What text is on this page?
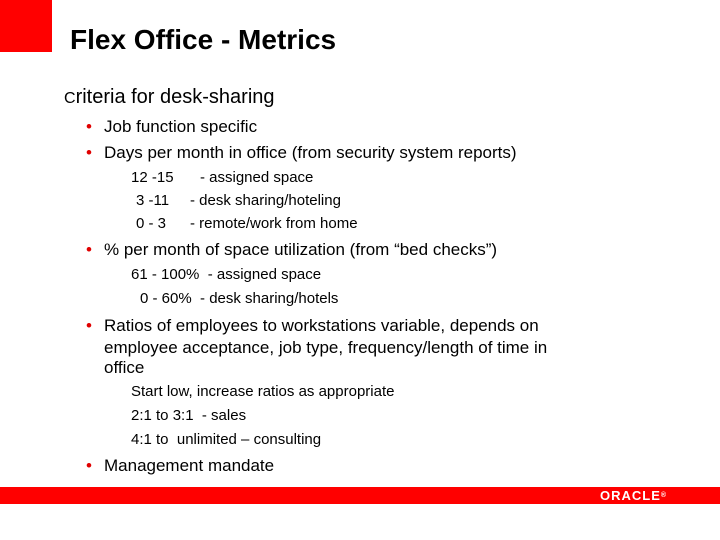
Flex Office - Metrics
Criteria for desk-sharing
• Job function specific
• Days per month in office (from security system reports)
12 -15 - assigned space
3 -11 - desk sharing/hoteling
0 - 3 - remote/work from home
• % per month of space utilization (from “bed checks”)
61 - 100%  - assigned space
0 - 60%  - desk sharing/hotels
• Ratios of employees to workstations variable, depends on
employee acceptance, job type, frequency/length of time in
office
Start low, increase ratios as appropriate
2:1 to 3:1  - sales
4:1 to  unlimited – consulting
• Management mandate
ORACLE®
